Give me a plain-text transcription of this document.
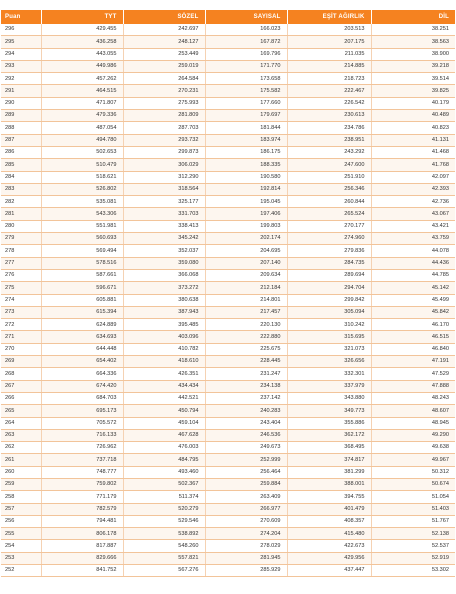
Puan	TYT	SÖZEL	SAYISAL	EŞİT AĞIRLIK	DİL
296	429.455	242.697	166.023	203.513	38.251
295	436.258	248.127	167.872	207.175	38.563
294	443.055	253.449	169.796	211.035	38.900
293	449.986	259.019	171.770	214.885	39.218
292	457.262	264.584	173.658	218.723	39.514
291	464.515	270.231	175.582	222.467	39.825
290	471.807	275.993	177.660	226.542	40.179
289	479.336	281.809	179.697	230.613	40.489
288	487.054	287.703	181.844	234.786	40.823
287	494.780	293.732	183.974	238.951	41.131
286	502.653	299.873	186.175	243.292	41.468
285	510.479	306.029	188.335	247.600	41.768
284	518.621	312.290	190.580	251.910	42.097
283	526.802	318.564	192.814	256.346	42.393
282	535.081	325.177	195.045	260.844	42.736
281	543.306	331.703	197.406	265.524	43.067
280	551.981	338.413	199.803	270.177	43.421
279	560.693	345.242	202.174	274.960	43.759
278	569.494	352.037	204.695	279.836	44.078
277	578.516	359.080	207.140	284.735	44.436
276	587.661	366.068	209.634	289.694	44.785
275	596.671	373.272	212.184	294.704	45.142
274	605.881	380.638	214.801	299.842	45.499
273	615.394	387.943	217.457	305.094	45.842
272	624.889	395.485	220.130	310.242	46.170
271	634.693	403.096	222.880	315.695	46.515
270	644.448	410.782	225.675	321.073	46.840
269	654.402	418.610	228.445	326.656	47.191
268	664.336	426.351	231.247	332.301	47.529
267	674.420	434.434	234.138	337.979	47.888
266	684.703	442.521	237.142	343.880	48.243
265	695.173	450.794	240.283	349.773	48.607
264	705.572	459.104	243.404	355.886	48.945
263	716.133	467.628	246.536	362.172	49.290
262	726.962	476.003	249.673	368.495	49.638
261	737.718	484.795	252.999	374.817	49.967
260	748.777	493.460	256.464	381.299	50.312
259	759.802	502.367	259.884	388.001	50.674
258	771.179	511.374	263.409	394.755	51.054
257	782.579	520.279	266.977	401.479	51.403
256	794.481	529.546	270.609	408.357	51.767
255	806.178	538.892	274.204	415.480	52.138
254	817.887	548.260	278.029	422.673	52.537
253	829.666	557.821	281.945	429.956	52.919
252	841.752	567.276	285.929	437.447	53.302
